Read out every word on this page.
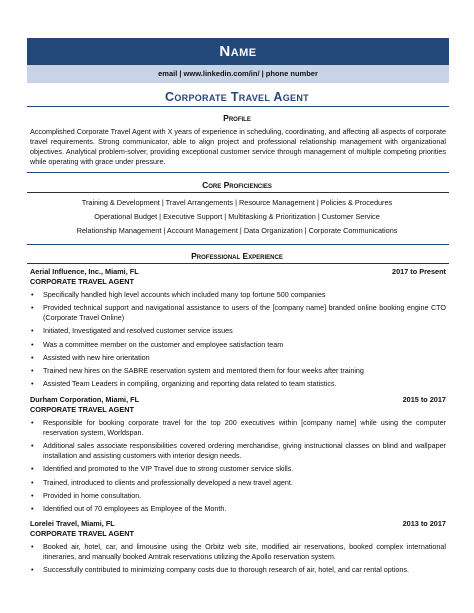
Name
email | www.linkedin.com/in/ | phone number
Corporate Travel Agent
Profile
Accomplished Corporate Travel Agent with X years of experience in scheduling, coordinating, and affecting all aspects of corporate travel requirements. Strong communicator, able to align project and professional relationship management with organizational objectives. Analytical problem-solver, providing exceptional customer service through management of multiple competing priorities while operating with grace under pressure.
Core Proficiencies
Training & Development | Travel Arrangements | Resource Management | Policies & Procedures
Operational Budget | Executive Support | Multitasking & Prioritization | Customer Service
Relationship Management | Account Management | Data Organization | Corporate Communications
Professional Experience
Aerial Influence, Inc., Miami, FL	2017 to Present
CORPORATE TRAVEL AGENT
• Specifically handled high level accounts which included many top fortune 500 companies
• Provided technical support and navigational assistance to users of the [company name] branded online booking engine CTO (Corporate Travel Online)
• Initiated, Investigated and resolved customer service issues
• Was a committee member on the customer and employee satisfaction team
• Assisted with new hire orientation
• Trained new hires on the SABRE reservation system and mentored them for four weeks after training
• Assisted Team Leaders in compiling, organizing and reporting data related to team statistics.
Durham Corporation, Miami, FL	2015 to 2017
CORPORATE TRAVEL AGENT
• Responsible for booking corporate travel for the top 200 executives within [company name] while using the computer reservation system, Worldspan.
• Additional sales associate responsibilities covered ordering merchandise, giving instructional classes on blind and wallpaper installation and assisting customers with interior design needs.
• Identified and promoted to the VIP Travel due to strong customer service skills.
• Trained, introduced to clients and professionally developed a new travel agent.
• Provided in home consultation.
• Identified out of 70 employees as Employee of the Month.
Lorelei Travel, Miami, FL	2013 to 2017
CORPORATE TRAVEL AGENT
• Booked air, hotel, car, and limousine using the Orbitz web site, modified air reservations, booked complex international itineraries, and manually booked Amtrak reservations utilizing the Apollo reservation system.
• Successfully contributed to minimizing company costs due to thorough research of air, hotel, and car rental options.
